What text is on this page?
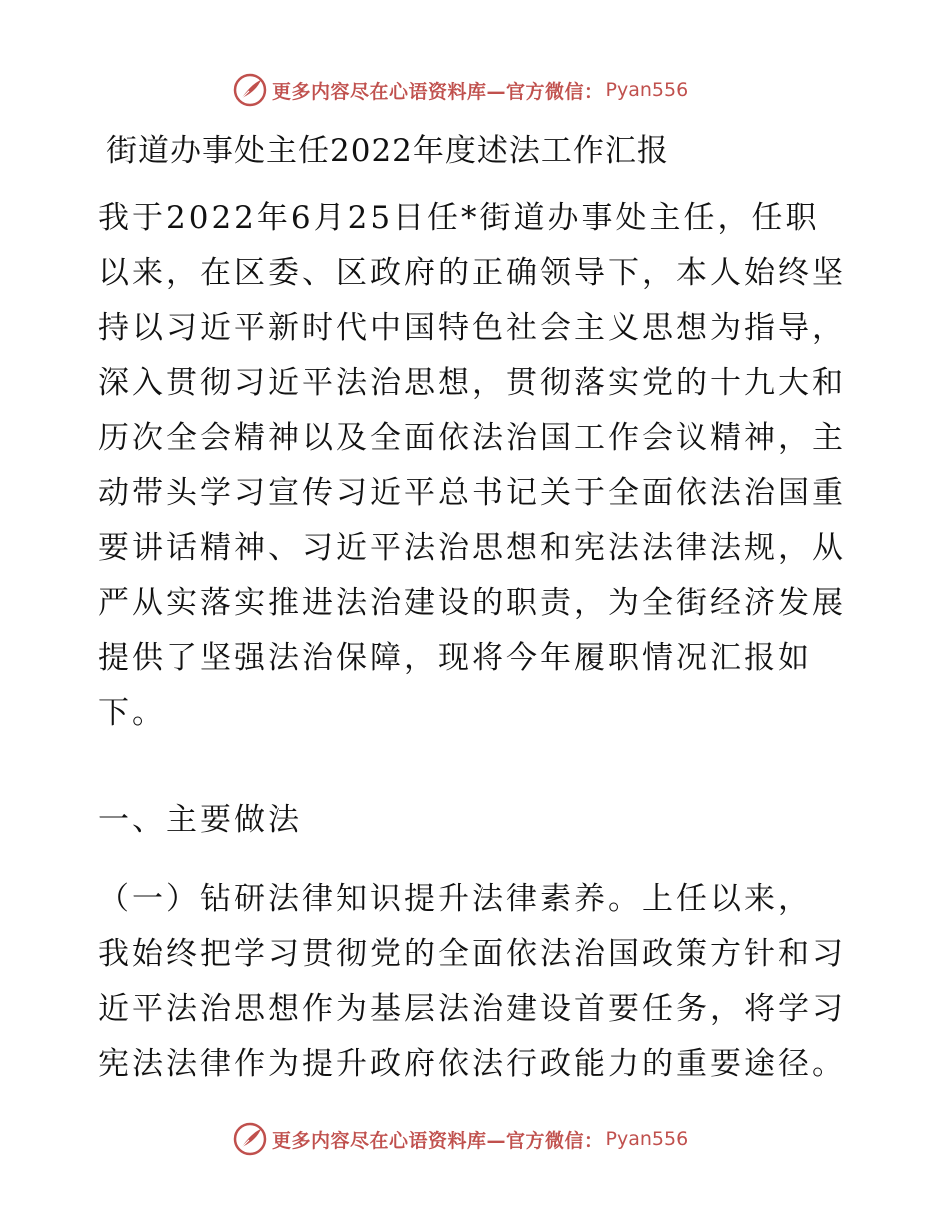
更多内容尽在心语资料库—官方微信： Pyan556
街道办事处主任2022年度述法工作汇报
我于2022年6月25日任*街道办事处主任，任职
以来，在区委、区政府的正确领导下，本人始终坚
持以习近平新时代中国特色社会主义思想为指导，
深入贯彻习近平法治思想，贯彻落实党的十九大和
历次全会精神以及全面依法治国工作会议精神，主
动带头学习宣传习近平总书记关于全面依法治国重
要讲话精神、习近平法治思想和宪法法律法规，从
严从实落实推进法治建设的职责，为全街经济发展
提供了坚强法治保障，现将今年履职情况汇报如
下。
一、主要做法
（一）钻研法律知识提升法律素养。上任以来，
我始终把学习贯彻党的全面依法治国政策方针和习
近平法治思想作为基层法治建设首要任务，将学习
宪法法律作为提升政府依法行政能力的重要途径。
更多内容尽在心语资料库—官方微信： Pyan556
